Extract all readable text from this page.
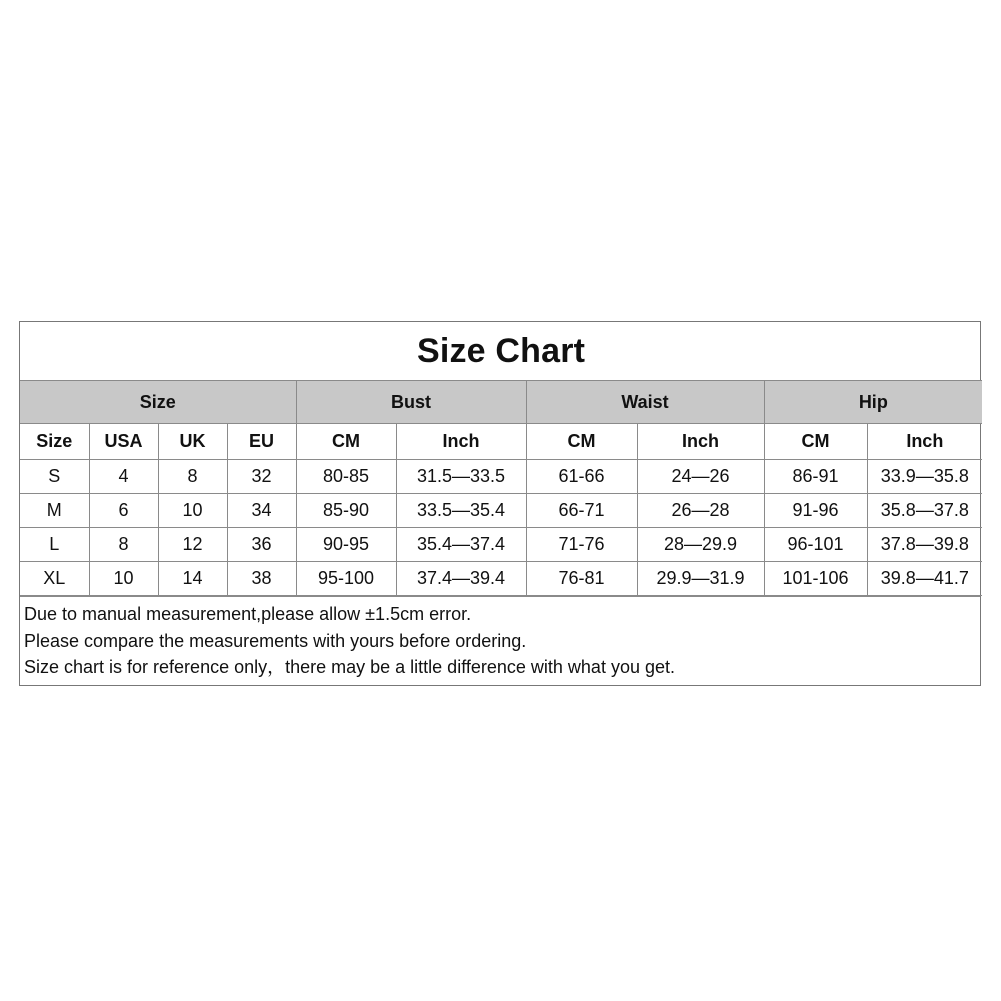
Size Chart									
Size				Bust		Waist		Hip	
Size	USA	UK	EU	CM	Inch	CM	Inch	CM	Inch
S	4	8	32	80-85	31.5—33.5	61-66	24—26	86-91	33.9—35.8
M	6	10	34	85-90	33.5—35.4	66-71	26—28	91-96	35.8—37.8
L	8	12	36	90-95	35.4—37.4	71-76	28—29.9	96-101	37.8—39.8
XL	10	14	38	95-100	37.4—39.4	76-81	29.9—31.9	101-106	39.8—41.7
Due to manual measurement,please allow ±1.5cm error.
Please compare the measurements with yours before ordering.
Size chart is for reference only，there may be a little difference with what you get.
